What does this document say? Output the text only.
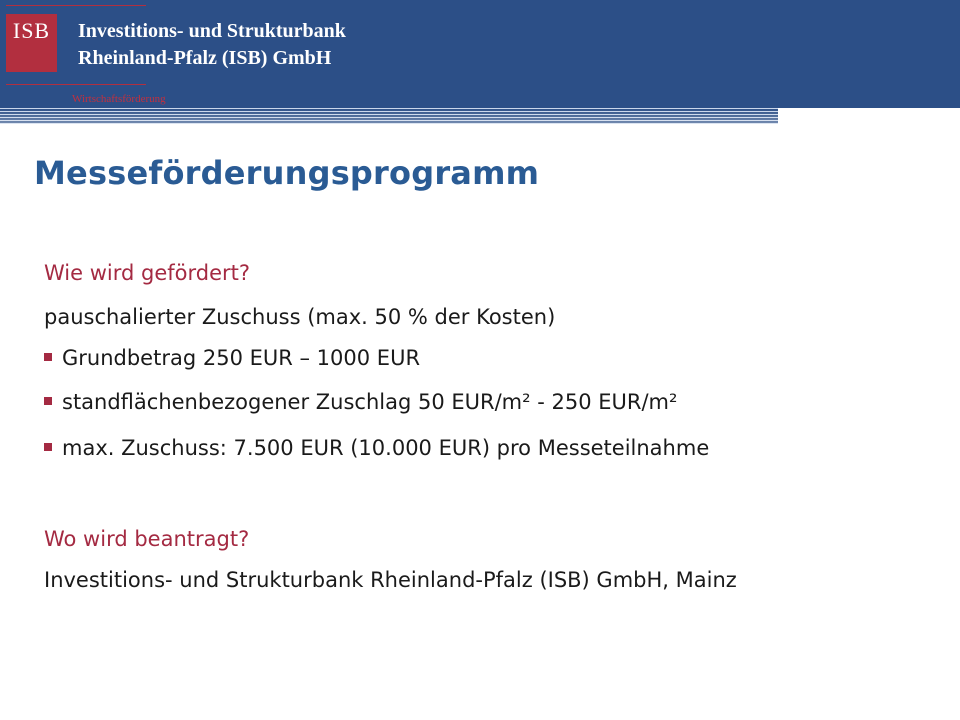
ISB	Investitions- und Strukturbank
Rheinland-Pfalz (ISB) GmbH
Wirtschaftsförderung
Messeförderungsprogramm
Wie wird gefördert?
pauschalierter Zuschuss (max. 50 % der Kosten)
Grundbetrag 250 EUR – 1000 EUR
standflächenbezogener Zuschlag 50 EUR/m² - 250 EUR/m²
max. Zuschuss: 7.500 EUR (10.000 EUR) pro Messeteilnahme
Wo wird beantragt?
Investitions- und Strukturbank Rheinland-Pfalz (ISB) GmbH, Mainz
